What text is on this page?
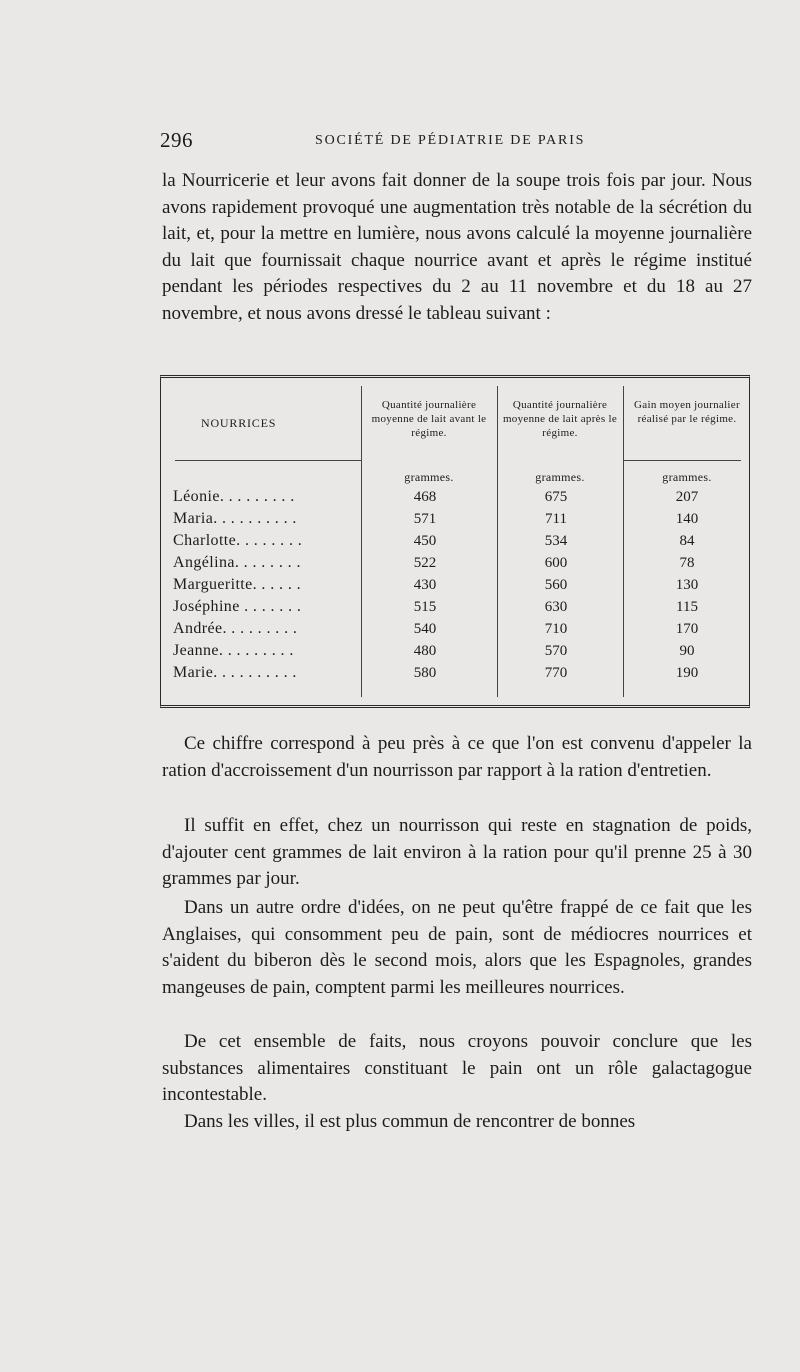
296	SOCIÉTÉ DE PÉDIATRIE DE PARIS

la Nourricerie et leur avons fait donner de la soupe trois fois par jour. Nous avons rapidement provoqué une augmentation très notable de la sécrétion du lait, et, pour la mettre en lumière, nous avons calculé la moyenne journalière du lait que fournissait chaque nourrice avant et après le régime institué pendant les périodes respectives du 2 au 11 novembre et du 18 au 27 novembre, et nous avons dressé le tableau suivant :

NOURRICES
Quantité journalière moyenne de lait avant le régime.
Quantité journalière moyenne de lait après le régime.
Gain moyen journalier réalisé par le régime.
grammes.	grammes.	grammes.
Léonie. . . . . . . . .	468	675	207
Maria. . . . . . . . . .	571	711	140
Charlotte. . . . . . . .	450	534	84
Angélina. . . . . . . .	522	600	78
Margueritte. . . . . .	430	560	130
Joséphine . . . . . . .	515	630	115
Andrée. . . . . . . . .	540	710	170
Jeanne. . . . . . . . .	480	570	90
Marie. . . . . . . . . .	580	770	190

Ce chiffre correspond à peu près à ce que l'on est convenu d'appeler la ration d'accroissement d'un nourrisson par rapport à la ration d'entretien.

Il suffit en effet, chez un nourrisson qui reste en stagnation de poids, d'ajouter cent grammes de lait environ à la ration pour qu'il prenne 25 à 30 grammes par jour.

Dans un autre ordre d'idées, on ne peut qu'être frappé de ce fait que les Anglaises, qui consomment peu de pain, sont de médiocres nourrices et s'aident du biberon dès le second mois, alors que les Espagnoles, grandes mangeuses de pain, comptent parmi les meilleures nourrices.

De cet ensemble de faits, nous croyons pouvoir conclure que les substances alimentaires constituant le pain ont un rôle galactagogue incontestable.

Dans les villes, il est plus commun de rencontrer de bonnes
